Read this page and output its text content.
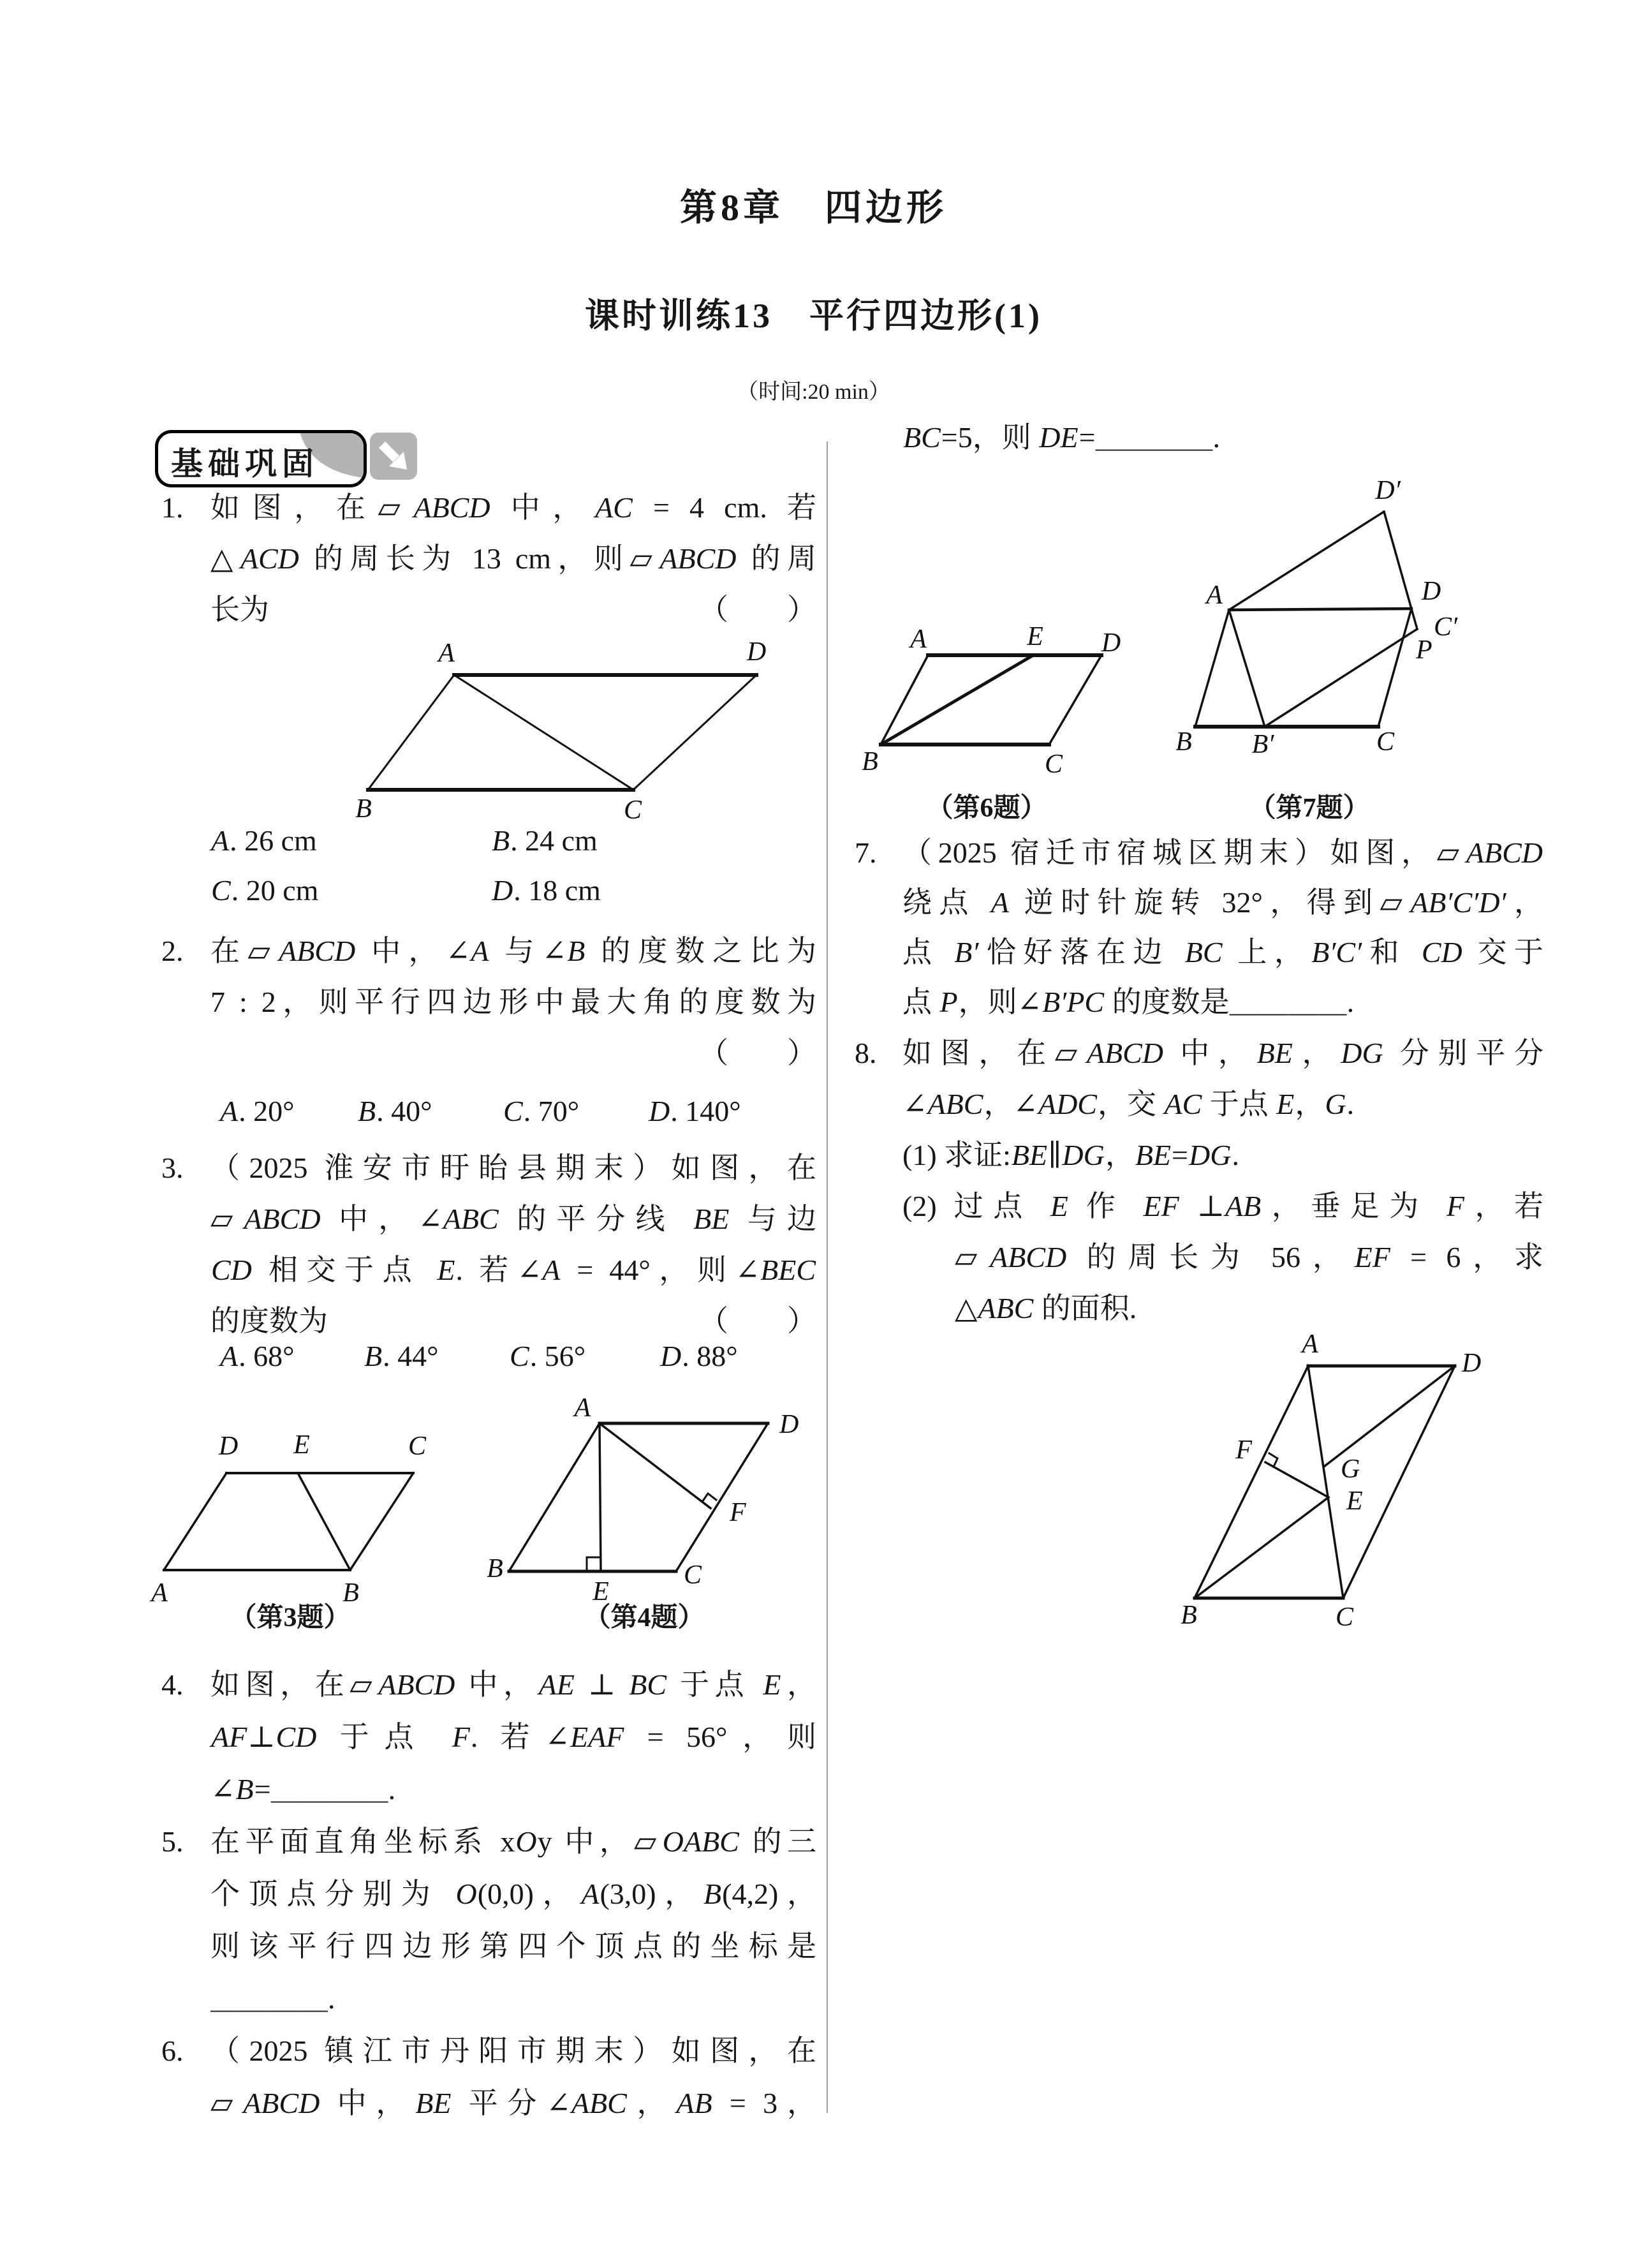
第8章　四边形
课时训练13　平行四边形(1)
（时间:20 min）
基础巩固
1. 如图，在▱ABCD 中，AC = 4 cm. 若
△ACD 的周长为 13 cm，则▱ABCD 的周
长为	（　　）
A. 26 cm	B. 24 cm
C. 20 cm	D. 18 cm
2. 在▱ABCD 中，∠A 与∠B 的度数之比为
7 : 2，则平行四边形中最大角的度数为
（　　）
A. 20° B. 40° C. 70° D. 140°
3. （2025 淮安市盱眙县期末）如图，在
▱ABCD 中，∠ABC 的平分线 BE 与边
CD 相交于点 E. 若∠A = 44°，则∠BEC
的度数为	（　　）
A. 68° B. 44° C. 56°	D. 88°
4. 如图，在▱ABCD 中，AE ⊥ BC 于点 E，
AF⊥CD 于点 F. 若∠EAF = 56°，则
∠B=＿＿＿＿.
5. 在平面直角坐标系 xOy 中，▱OABC 的三
个顶点分别为 O(0,0)，A(3,0)，B(4,2)，
则该平行四边形第四个顶点的坐标是
＿＿＿＿.
6. （2025 镇江市丹阳市期末）如图，在
▱ABCD 中，BE 平分∠ABC，AB = 3，
BC=5，则 DE=＿＿＿＿.
7. （2025 宿迁市宿城区期末）如图，▱ABCD
绕点 A 逆时针旋转 32°，得到▱AB′C′D′，
点 B′恰好落在边 BC 上，B′C′和 CD 交于
点 P，则∠B′PC 的度数是＿＿＿＿.
8. 如图，在▱ABCD 中，BE，DG 分别平分
∠ABC，∠ADC，交 AC 于点 E，G.
(1) 求证:BE∥DG，BE=DG.
(2) 过点 E 作 EF ⊥AB，垂足为 F，若
▱ABCD 的周长为 56，EF = 6，求
△ABC 的面积.
A	D
B	C
D E	C
A	B
（第3题）
A
D
B	C
E
F
（第4题）
A	E D
B	C
（第6题）
D′
A	D
C′
P
B B′	C
（第7题）
A
D
F
G
E
B	C
